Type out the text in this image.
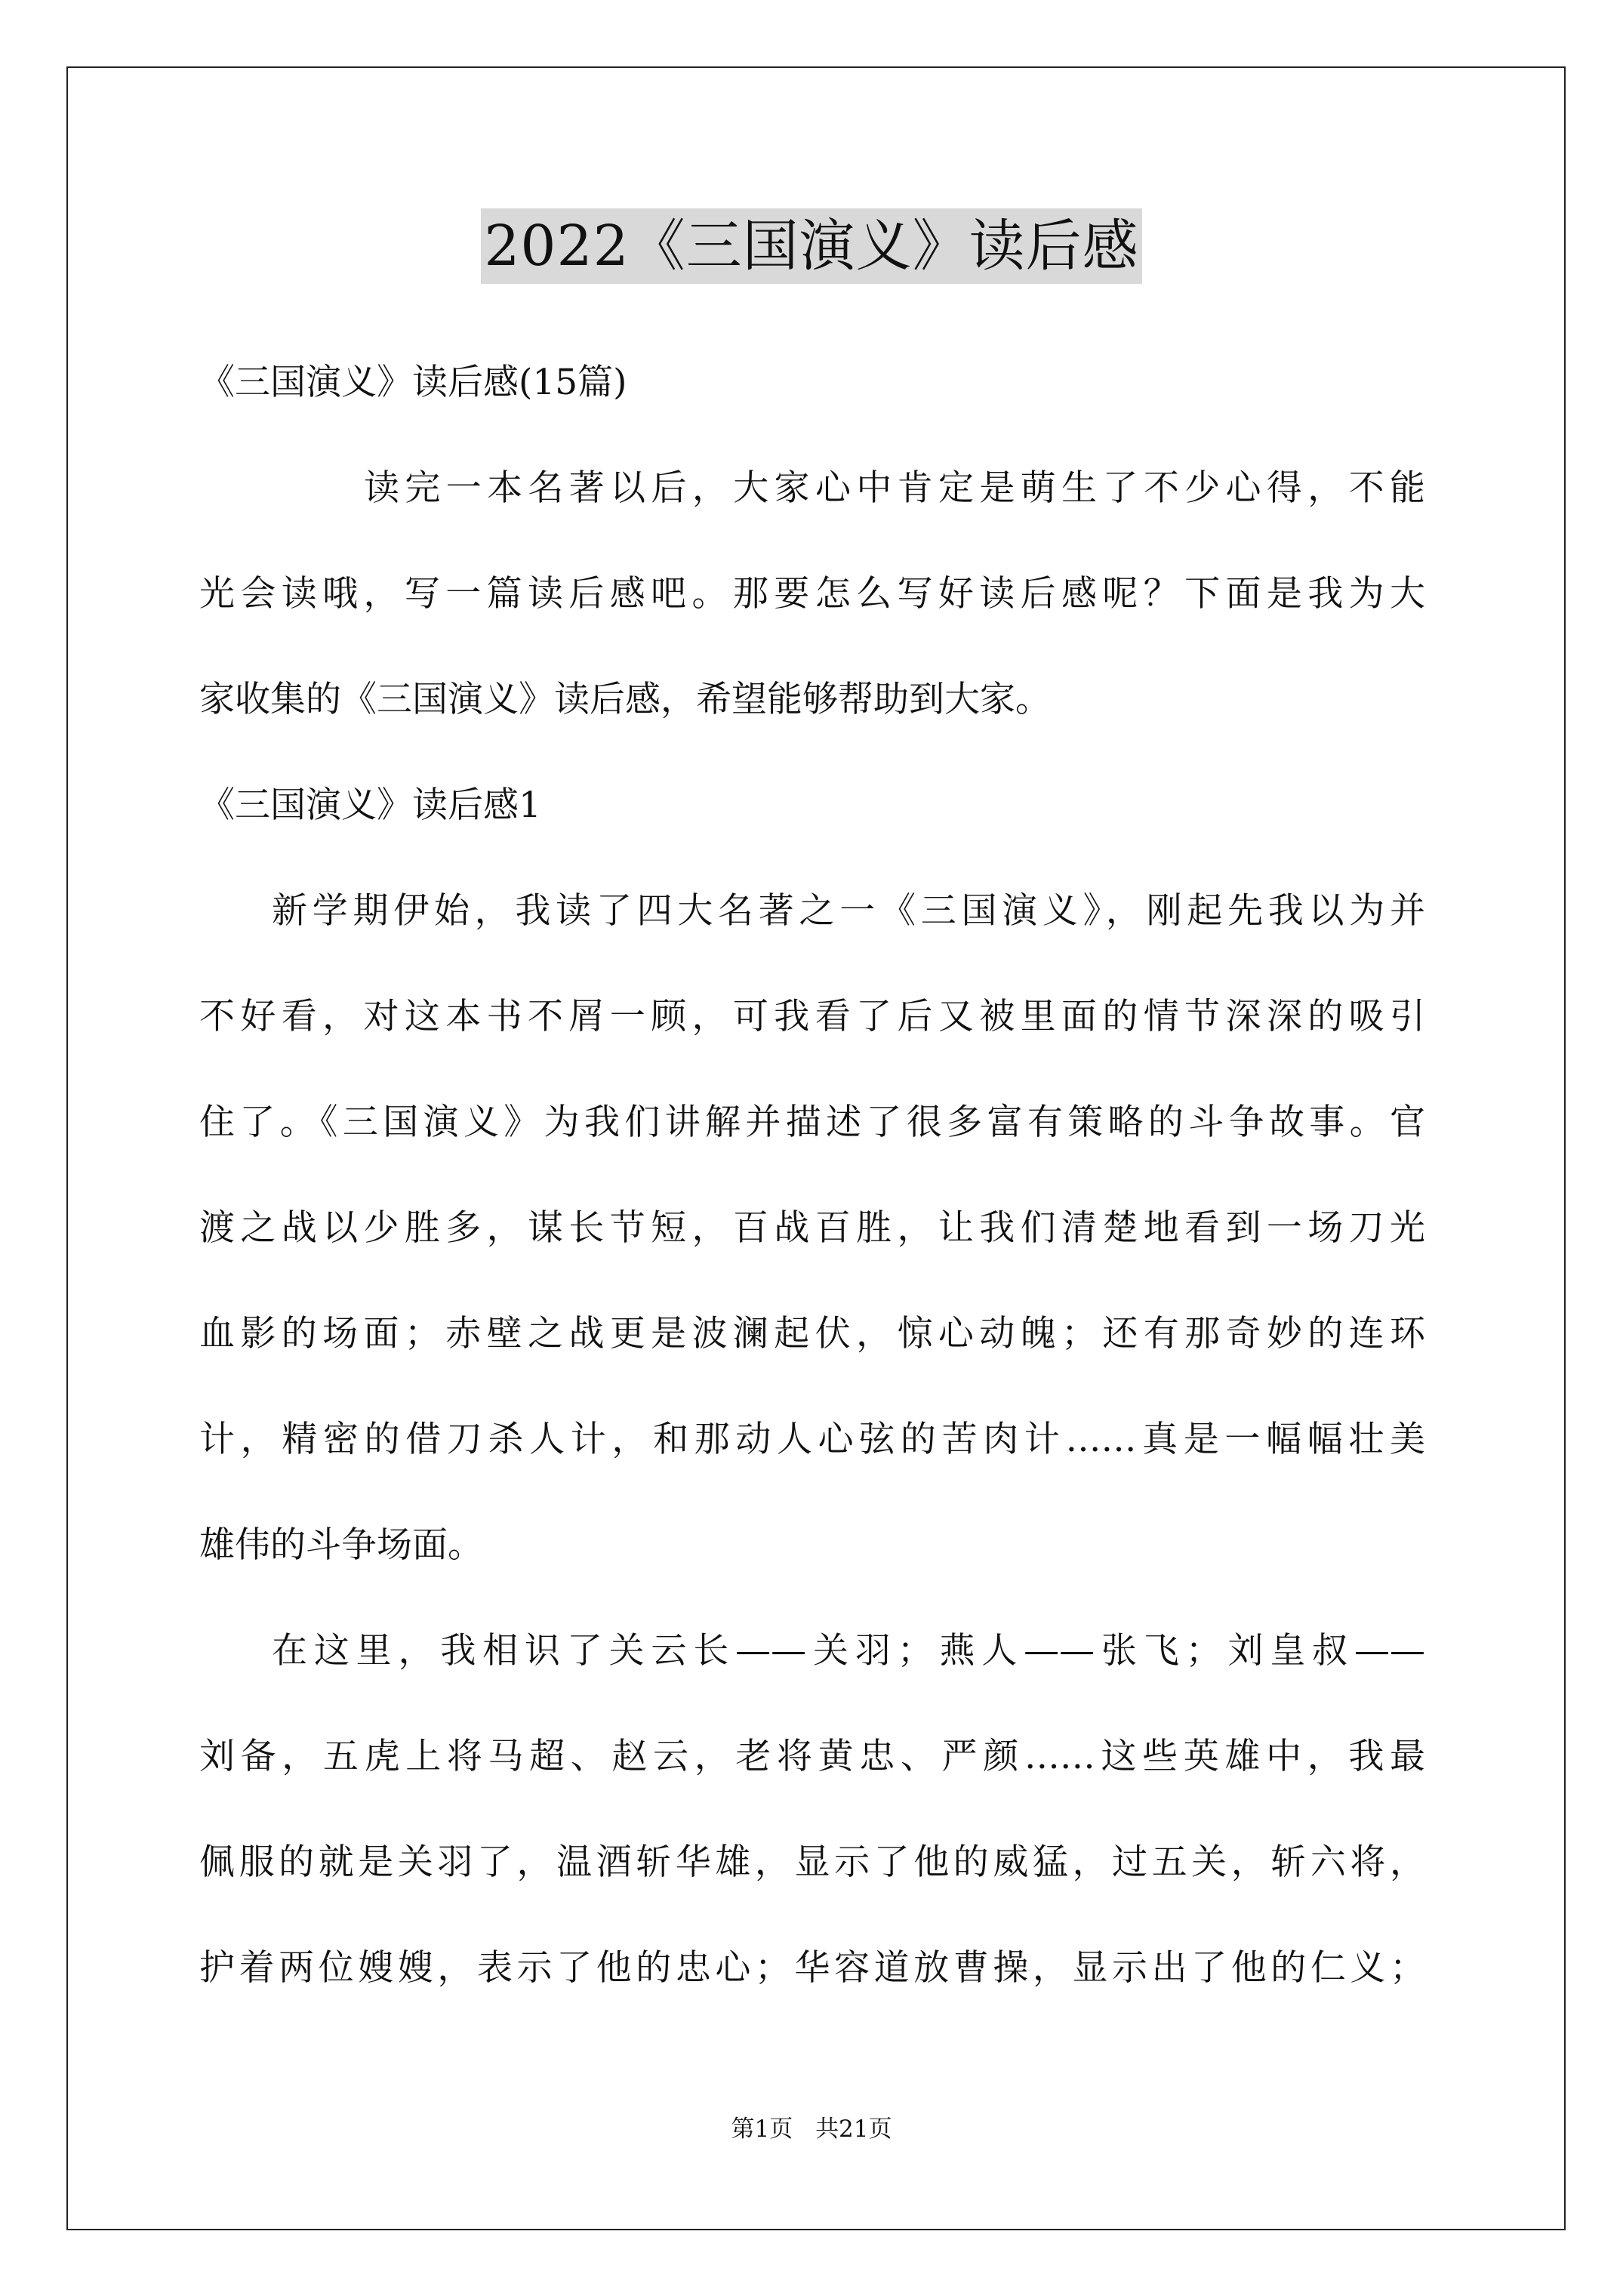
2022《三国演义》读后感

《三国演义》读后感(15篇)

读完一本名著以后，大家心中肯定是萌生了不少心得，不能

光会读哦，写一篇读后感吧。那要怎么写好读后感呢？下面是我为大

家收集的《三国演义》读后感，希望能够帮助到大家。

《三国演义》读后感1

新学期伊始，我读了四大名著之一《三国演义》，刚起先我以为并

不好看，对这本书不屑一顾，可我看了后又被里面的情节深深的吸引

住了。《三国演义》为我们讲解并描述了很多富有策略的斗争故事。官

渡之战以少胜多，谋长节短，百战百胜，让我们清楚地看到一场刀光

血影的场面；赤壁之战更是波澜起伏，惊心动魄；还有那奇妙的连环

计，精密的借刀杀人计，和那动人心弦的苦肉计……真是一幅幅壮美

雄伟的斗争场面。

在这里，我相识了关云长——关羽；燕人——张飞；刘皇叔——

刘备，五虎上将马超、赵云，老将黄忠、严颜……这些英雄中，我最

佩服的就是关羽了，温酒斩华雄，显示了他的威猛，过五关，斩六将，

护着两位嫂嫂，表示了他的忠心；华容道放曹操，显示出了他的仁义；

第1页 共21页
